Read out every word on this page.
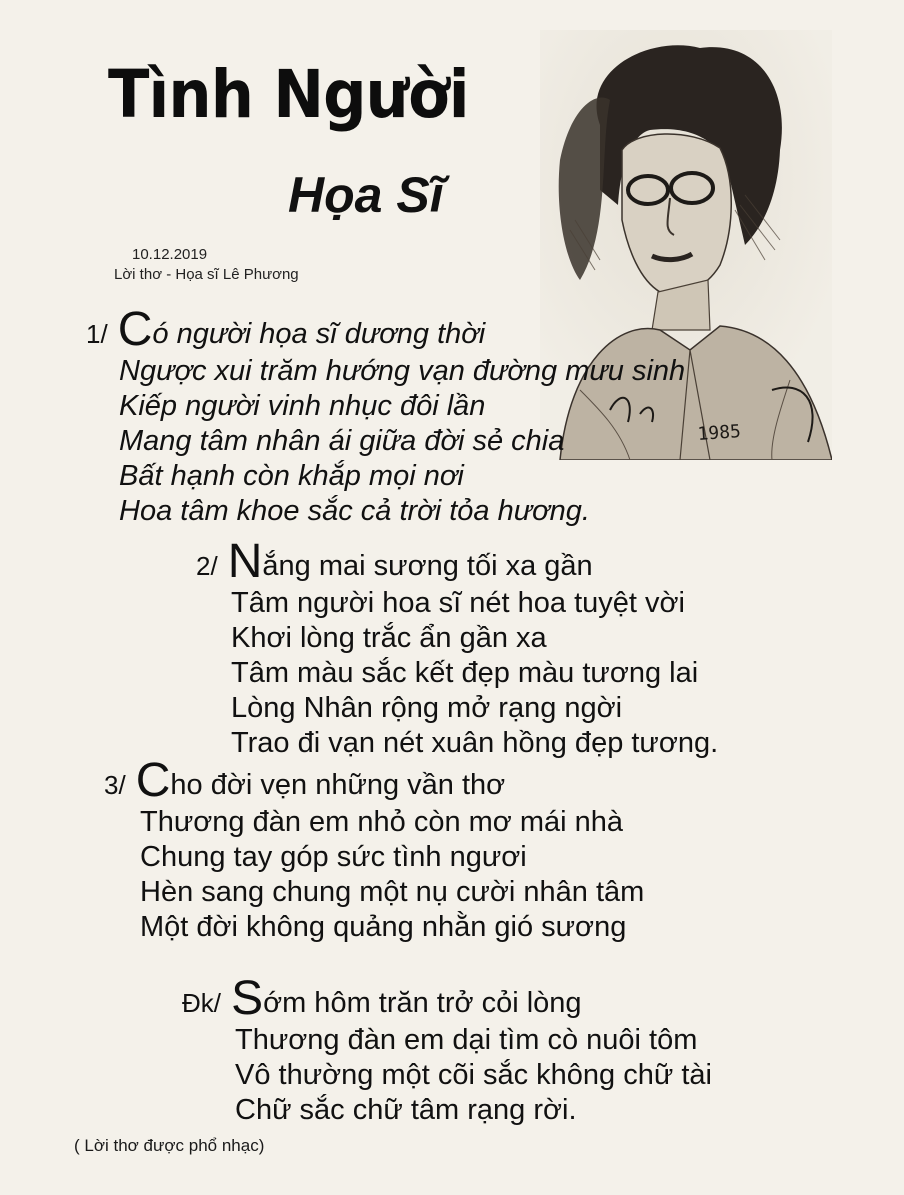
Tình Người
Họa Sĩ
10.12.2019
Lời thơ - Họa sĩ Lê Phương
1985
1/ Có người họa sĩ dương thời
Ngược xui trăm hướng vạn đường mưu sinh
Kiếp người vinh nhục đôi lần
Mang tâm nhân ái giữa đời sẻ chia
Bất hạnh còn khắp mọi nơi
Hoa tâm khoe sắc cả trời tỏa hương.
2/ Nắng mai sương tối xa gần
Tâm người hoa sĩ nét hoa tuyệt vời
Khơi lòng trắc ẩn gần xa
Tâm màu sắc kết đẹp màu tương lai
Lòng Nhân rộng mở rạng ngời
Trao đi vạn nét xuân hồng đẹp tương.
3/ Cho đời vẹn những vần thơ
Thương đàn em nhỏ còn mơ mái nhà
Chung tay góp sức tình ngươi
Hèn sang chung một nụ cười nhân tâm
Một đời không quảng nhằn gió sương
Đk/ Sớm hôm trăn trở cỏi lòng
Thương đàn em dại tìm cò nuôi tôm
Vô thường một cõi sắc không chữ tài
Chữ sắc chữ tâm rạng rời.
( Lời thơ được phổ nhạc)
